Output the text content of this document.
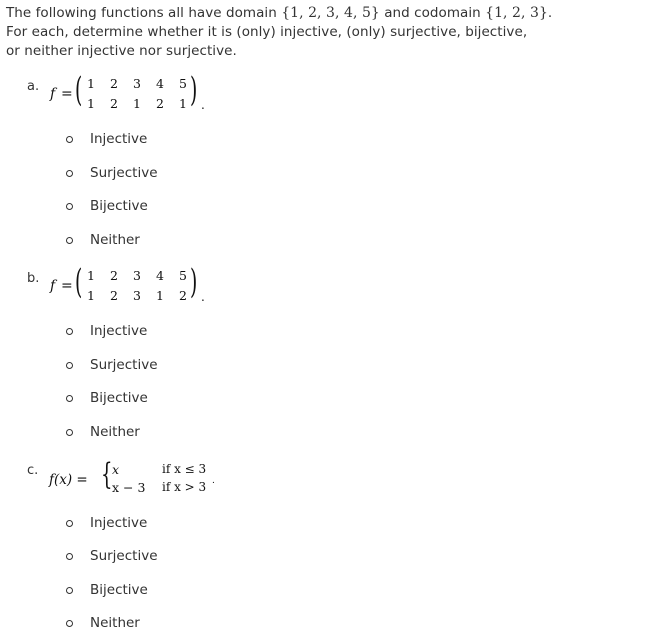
The following functions all have domain {1, 2, 3, 4, 5} and codomain {1, 2, 3}.

For each, determine whether it is (only) injective, (only) surjective, bijective,

or neither injective nor surjective.

a. f = ( 1 2 3 4 5
1 2 1 2 1 ) .
Injective
Surjective
Bijective
Neither
b. f = ( 1 2 3 4 5
1 2 3 1 2 ) .
Injective
Surjective
Bijective
Neither
c.
f(x) = { x	if x ≤ 3
x − 3 if x > 3 .
Injective
Surjective
Bijective
Neither
